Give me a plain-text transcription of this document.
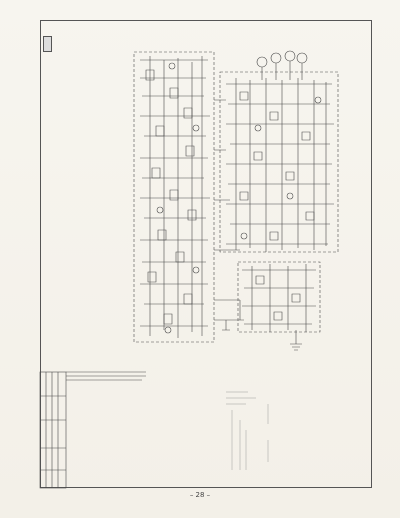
– 28 –
